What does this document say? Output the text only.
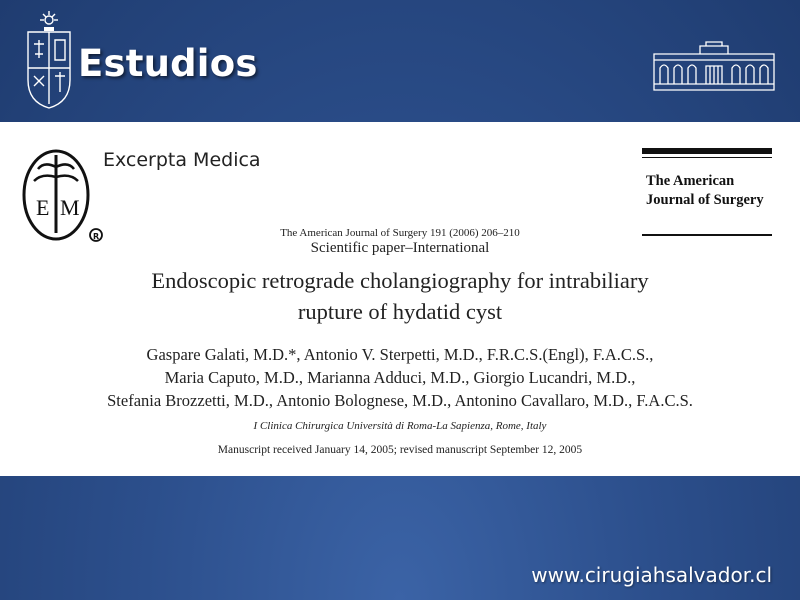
Estudios
E M
R
Excerpta Medica
The American
Journal of Surgery
The American Journal of Surgery 191 (2006) 206–210
Scientific paper–International
Endoscopic retrograde cholangiography for intrabiliary
rupture of hydatid cyst
Gaspare Galati, M.D.*, Antonio V. Sterpetti, M.D., F.R.C.S.(Engl), F.A.C.S.,
Maria Caputo, M.D., Marianna Adduci, M.D., Giorgio Lucandri, M.D.,
Stefania Brozzetti, M.D., Antonio Bolognese, M.D., Antonino Cavallaro, M.D., F.A.C.S.
I Clinica Chirurgica Università di Roma-La Sapienza, Rome, Italy
Manuscript received January 14, 2005; revised manuscript September 12, 2005
www.cirugiahsalvador.cl
